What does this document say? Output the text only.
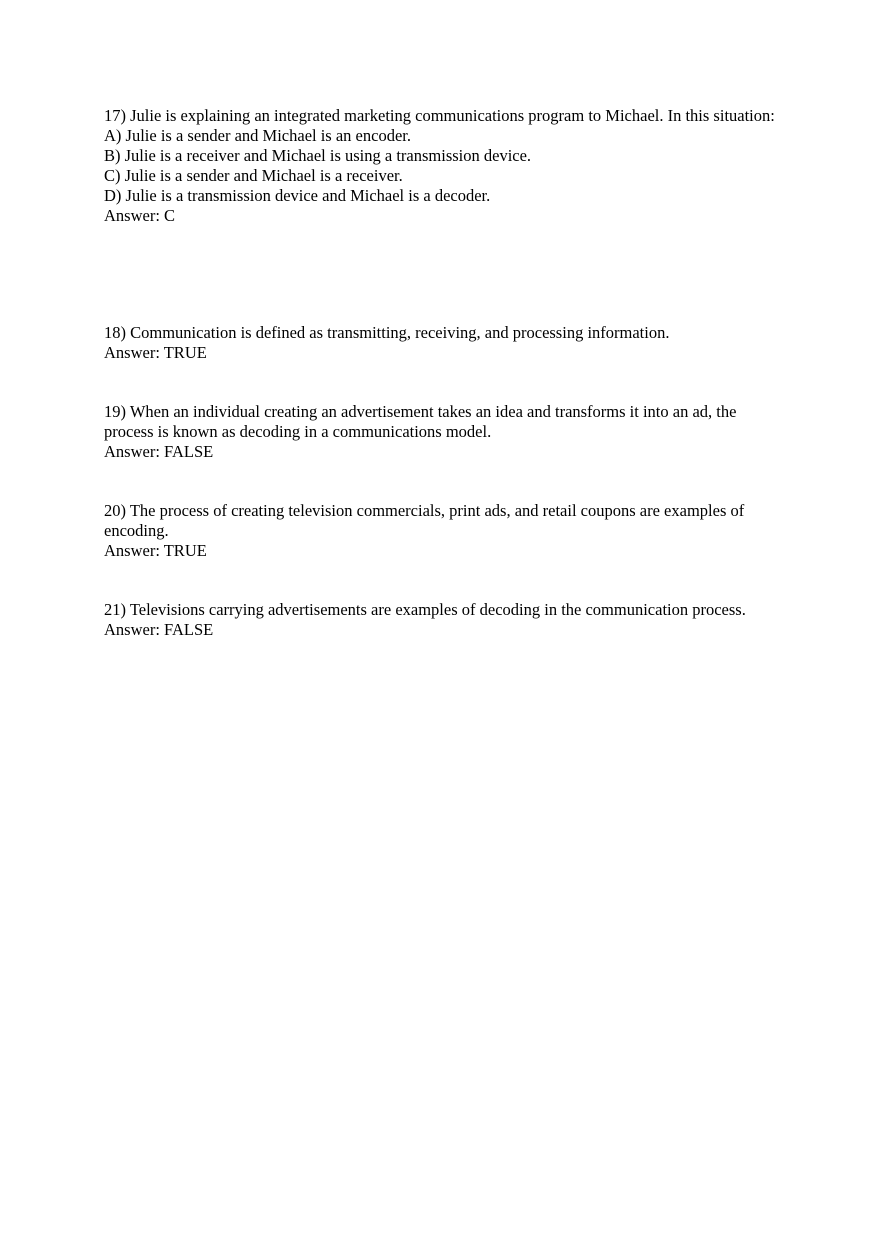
17) Julie is explaining an integrated marketing communications program to Michael. In this situation:

A) Julie is a sender and Michael is an encoder.

B) Julie is a receiver and Michael is using a transmission device.

C) Julie is a sender and Michael is a receiver.

D) Julie is a transmission device and Michael is a decoder.

Answer: C

18) Communication is defined as transmitting, receiving, and processing information.

Answer: TRUE

19) When an individual creating an advertisement takes an idea and transforms it into an ad, the process is known as decoding in a communications model.

Answer: FALSE

20) The process of creating television commercials, print ads, and retail coupons are examples of encoding.

Answer: TRUE

21) Televisions carrying advertisements are examples of decoding in the communication process.

Answer: FALSE
